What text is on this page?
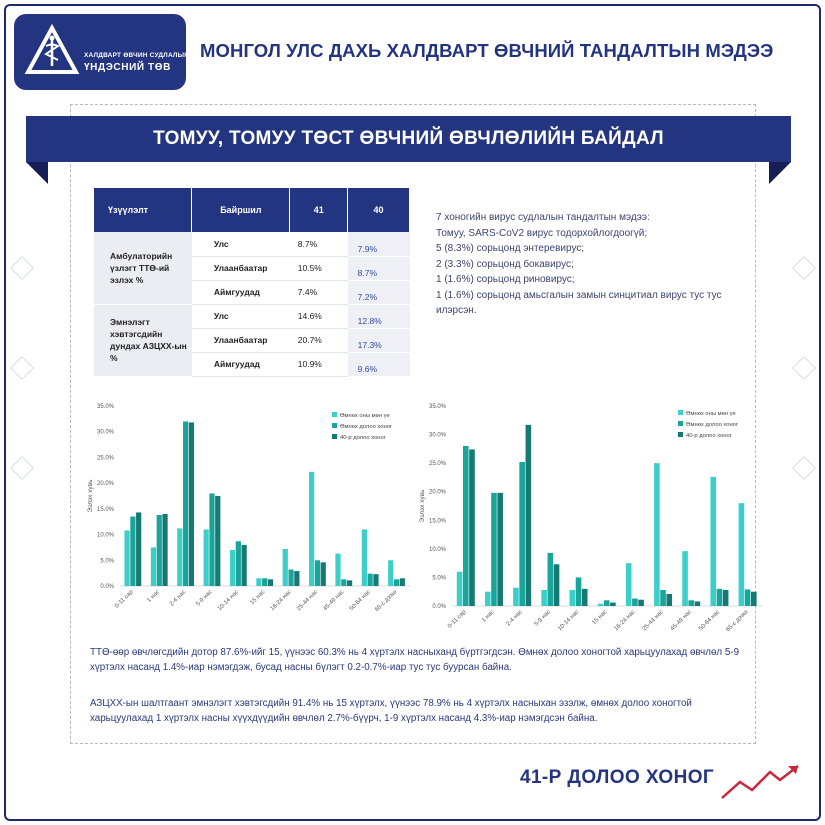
ХАЛДВАРТ ӨВЧИН СУДЛАЛЫН
ҮНДЭСНИЙ ТӨВ
МОНГОЛ УЛС ДАХЬ ХАЛДВАРТ ӨВЧНИЙ ТАНДАЛТЫН МЭДЭЭ
ТОМУУ, ТОМУУ ТӨСТ ӨВЧНИЙ ӨВЧЛӨЛИЙН БАЙДАЛ
Үзүүлэлт	Байршил	41	40
Амбулаторийн үзлэгт ТТӨ-ий эзлэх %	Улс	8.7%	7.9%
	Улаанбаатар	10.5%	8.7%
	Аймгуудад	7.4%	7.2%
Эмнэлэгт хэвтэгсдийн дундах АЗЦХХ-ын %	Улс	14.6%	12.8%
	Улаанбаатар	20.7%	17.3%
	Аймгуудад	10.9%	9.6%
7 хоногийн вирус судлалын тандалтын мэдээ:
Томуу, SARS-CoV2 вирус тодорхойлогдоогүй;
5 (8.3%) сорьцонд энтеревирус;
2 (3.3%) сорьцонд бокавирус;
1 (1.6%) сорьцонд риновирус;
1 (1.6%) сорьцонд амьсгалын замын синцитиал вирус тус тус илэрсэн.
0.0%
5.0%
10.0%
15.0%
20.0%
25.0%
30.0%
35.0%
Эзлэх хувь
0-11 сар 1 нас 2-4 нас 5-9 нас 10-14 нас 15 нас 16-24 нас 25-44 нас 45-49 нас 50-64 нас 65-с дээш
Өмнөх оны мөн үе
Өмнөх долоо хоног
40-р долоо хоног
0.0%
5.0%
10.0%
15.0%
20.0%
25.0%
30.0%
35.0%
Эзлэх хувь
0-11 сар 1 нас 2-4 нас 5-9 нас 10-14 нас 15 нас 16-24 нас 25-44 нас 45-49 нас 50-64 нас 65-с дээш
Өмнөх оны мөн үе
Өмнөх долоо хоног
40-р долоо хоног
ТТӨ-өөр өвчлөгсдийн дотор 87.6%-ийг 15, үүнээс 60.3% нь 4 хүртэлх насныханд бүртгэгдсэн. Өмнөх долоо хоногтой харьцуулахад өвчлөл 5-9 хүртэлх насанд 1.4%-иар нэмэгдэж, бусад насны бүлэгт 0.2-0.7%-иар тус тус буурсан байна.
АЗЦХХ-ын шалтгаант эмнэлэгт хэвтэгсдийн 91.4% нь 15 хүртэлх, үүнээс 78.9% нь 4 хүртэлх насныхан эзэлж, өмнөх долоо хоногтой харьцуулахад 1 хүртэлх насны хүүхдүүдийн өвчлөл 2.7%-бүүрч, 1-9 хүртэлх насанд 4.3%-иар нэмэгдсэн байна.
41-Р ДОЛОО ХОНОГ
